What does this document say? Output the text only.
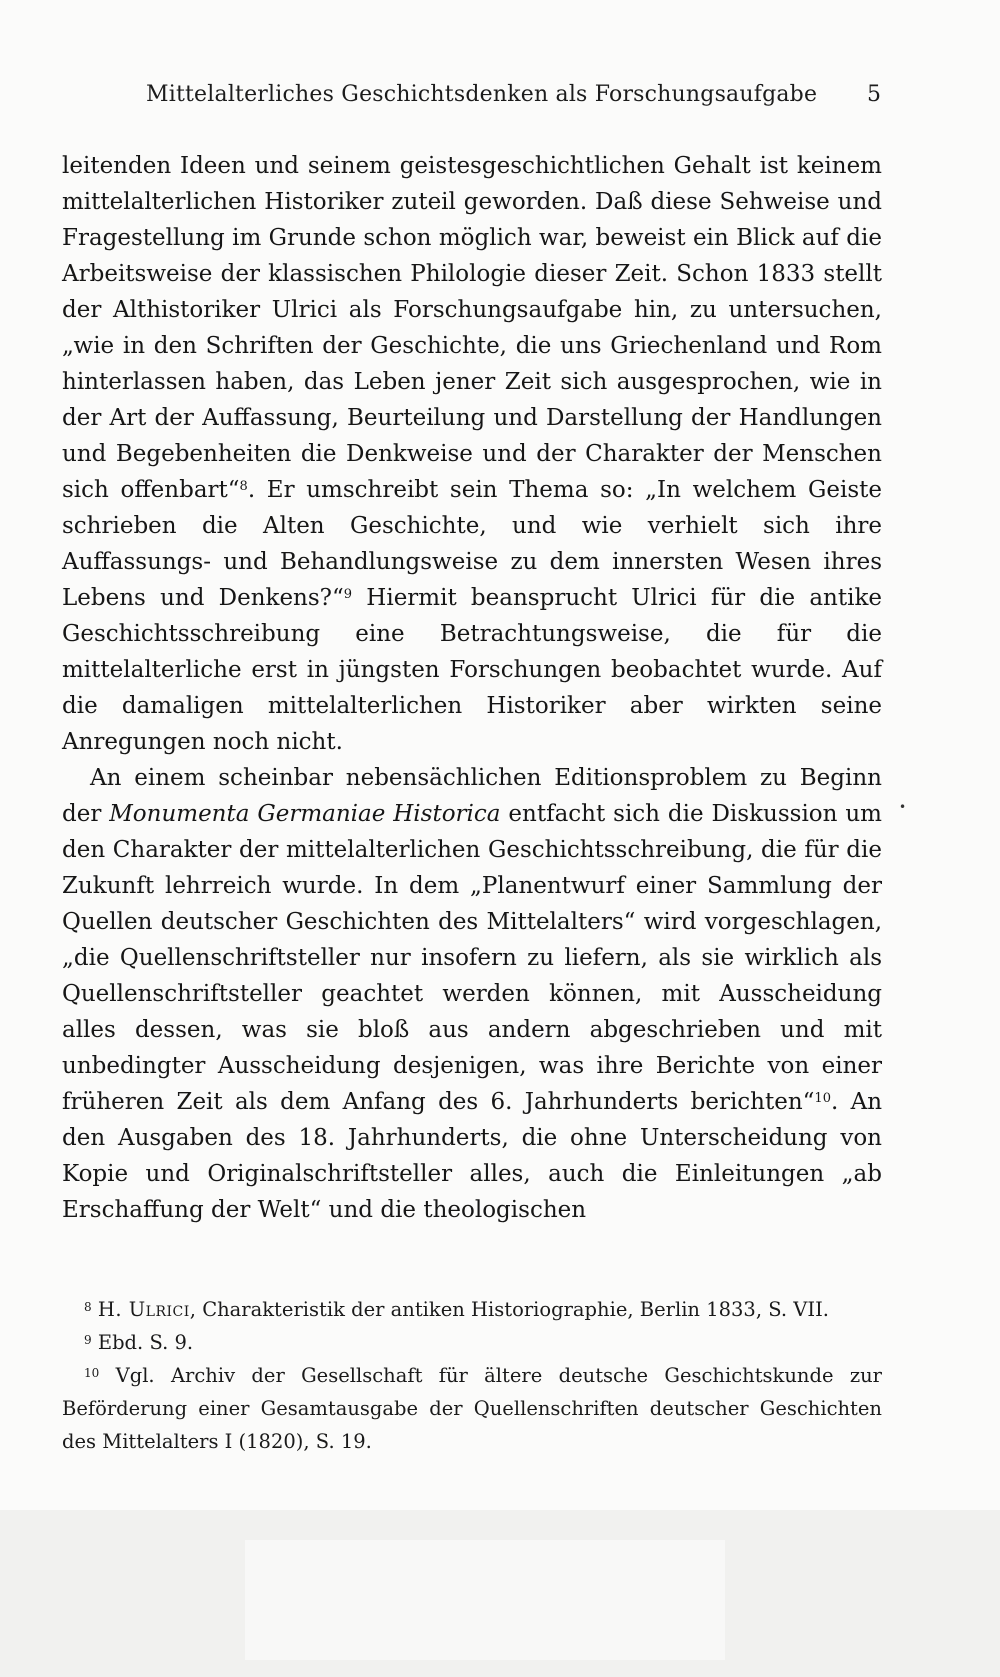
Mittelalterliches Geschichtsdenken als Forschungsaufgabe 5

leitenden Ideen und seinem geistesgeschichtlichen Gehalt ist keinem mittelalterlichen Historiker zuteil geworden. Daß diese Sehweise und Fragestellung im Grunde schon möglich war, beweist ein Blick auf die Arbeitsweise der klassischen Philologie dieser Zeit. Schon 1833 stellt der Althistoriker Ulrici als Forschungsaufgabe hin, zu untersuchen, „wie in den Schriften der Geschichte, die uns Griechenland und Rom hinterlassen haben, das Leben jener Zeit sich ausgesprochen, wie in der Art der Auffassung, Beurteilung und Darstellung der Handlungen und Begebenheiten die Denkweise und der Charakter der Menschen sich offenbart“$^8$. Er umschreibt sein Thema so: „In welchem Geiste schrieben die Alten Geschichte, und wie verhielt sich ihre Auffassungs- und Behandlungsweise zu dem innersten Wesen ihres Lebens und Denkens?“$^9$ Hiermit beansprucht Ulrici für die antike Geschichtsschreibung eine Betrachtungsweise, die für die mittelalterliche erst in jüngsten Forschungen beobachtet wurde. Auf die damaligen mittelalterlichen Historiker aber wirkten seine Anregungen noch nicht.

An einem scheinbar nebensächlichen Editionsproblem zu Beginn der Monumenta Germaniae Historica entfacht sich die Diskussion um den Charakter der mittelalterlichen Geschichtsschreibung, die für die Zukunft lehrreich wurde. In dem „Planentwurf einer Sammlung der Quellen deutscher Geschichten des Mittelalters“ wird vorgeschlagen, „die Quellenschriftsteller nur insofern zu liefern, als sie wirklich als Quellenschriftsteller geachtet werden können, mit Ausscheidung alles dessen, was sie bloß aus andern abgeschrieben und mit unbedingter Ausscheidung desjenigen, was ihre Berichte von einer früheren Zeit als dem Anfang des 6. Jahrhunderts berichten“$^{10}$. An den Ausgaben des 18. Jahrhunderts, die ohne Unterscheidung von Kopie und Originalschriftsteller alles, auch die Einleitungen „ab Erschaffung der Welt“ und die theologischen

•

$^8$ H. Ulrici, Charakteristik der antiken Historiographie, Berlin 1833, S. VII.

$^9$ Ebd. S. 9.

$^{10}$ Vgl. Archiv der Gesellschaft für ältere deutsche Geschichtskunde zur Beförderung einer Gesamtausgabe der Quellenschriften deutscher Geschichten des Mittelalters I (1820), S. 19.
